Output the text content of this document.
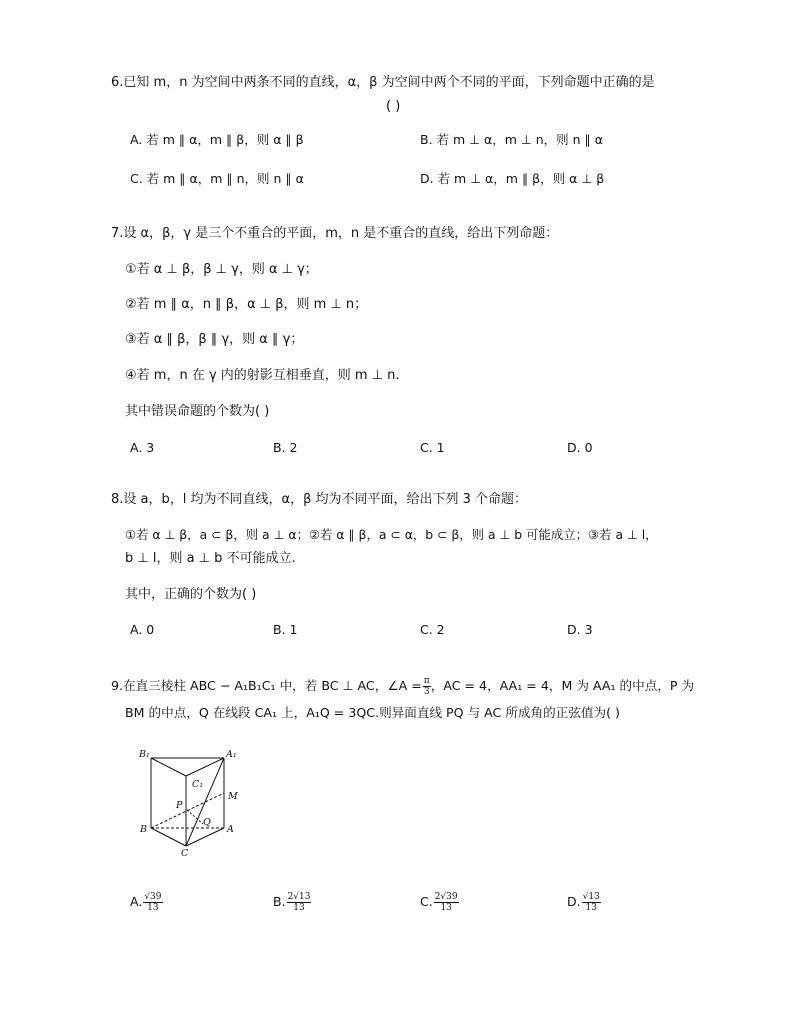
6.已知 m，n 为空间中两条不同的直线，α，β 为空间中两个不同的平面，下列命题中正确的是
( )
A. 若 m ∥ α，m ∥ β，则 α ∥ β	B. 若 m ⊥ α，m ⊥ n，则 n ∥ α
C. 若 m ∥ α，m ∥ n，则 n ∥ α	D. 若 m ⊥ α，m ∥ β，则 α ⊥ β
7.设 α，β，γ 是三个不重合的平面，m，n 是不重合的直线，给出下列命题：
①若 α ⊥ β，β ⊥ γ，则 α ⊥ γ；
②若 m ∥ α，n ∥ β，α ⊥ β，则 m ⊥ n；
③若 α ∥ β，β ∥ γ，则 α ∥ γ；
④若 m，n 在 γ 内的射影互相垂直，则 m ⊥ n.
其中错误命题的个数为( )
A. 3	B. 2	C. 1	D. 0
8.设 a，b，l 均为不同直线，α，β 均为不同平面，给出下列 3 个命题：
①若 α ⊥ β，a ⊂ β，则 a ⊥ α；②若 α ∥ β，a ⊂ α，b ⊂ β，则 a ⊥ b 可能成立；③若 a ⊥ l，
b ⊥ l，则 a ⊥ b 不可能成立.
其中，正确的个数为( )
A. 0	B. 1	C. 2	D. 3
9.在直三棱柱 ABC − A₁B₁C₁ 中，若 BC ⊥ AC，∠A = $\frac{\pi}{3}$ ，AC = 4，AA₁ = 4，M 为 AA₁ 的中点，P 为
BM 的中点，Q 在线段 CA₁ 上，A₁Q = 3QC.则异面直线 PQ 与 AC 所成角的正弦值为( )
B₁	A₁
C₁
M
P
Q
B	A
C
A. $\frac{√39}{13}$	B. $\frac{2√13}{13}$	C. $\frac{2√39}{13}$	D. $\frac{√13}{13}$
